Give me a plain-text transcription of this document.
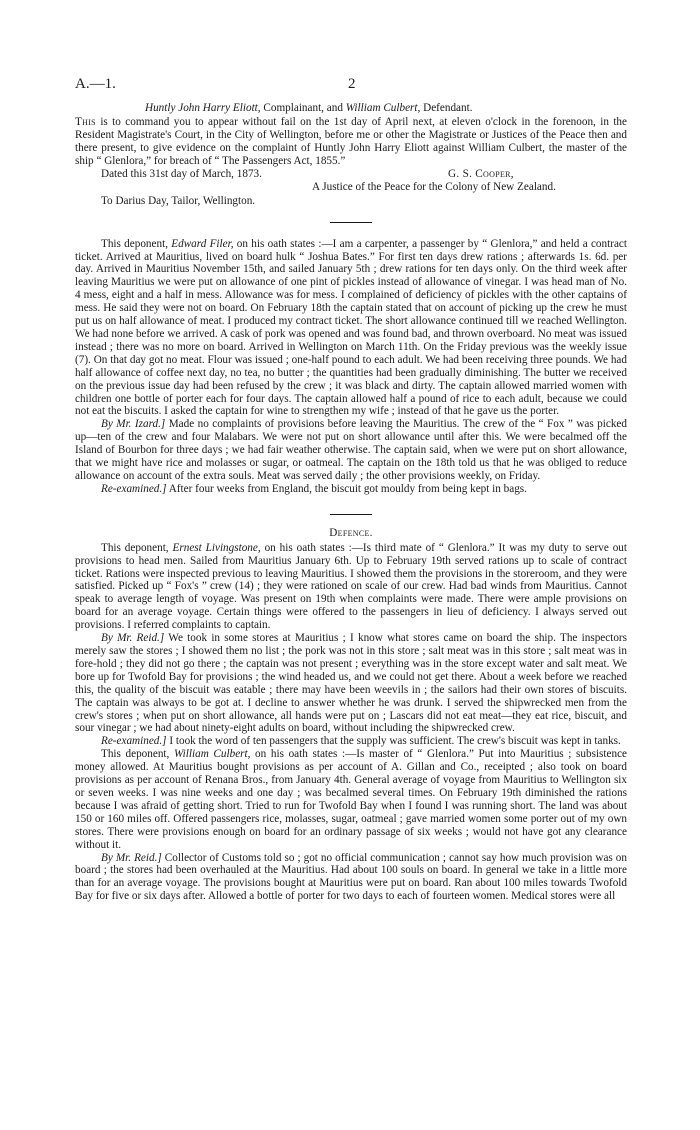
A.—1.	2
Huntly John Harry Eliott, Complainant, and William Culbert, Defendant.

This is to command you to appear without fail on the 1st day of April next, at eleven o'clock in the forenoon, in the Resident Magistrate's Court, in the City of Wellington, before me or other the Magistrate or Justices of the Peace then and there present, to give evidence on the complaint of Huntly John Harry Eliott against William Culbert, the master of the ship “ Glenlora,” for breach of “ The Passengers Act, 1855.”

Dated this 31st day of March, 1873.	G. S. Cooper,
A Justice of the Peace for the Colony of New Zealand.
To Darius Day, Tailor, Wellington.

This deponent, Edward Filer, on his oath states :—I am a carpenter, a passenger by “ Glenlora,” and held a contract ticket. Arrived at Mauritius, lived on board hulk “ Joshua Bates.” For first ten days drew rations ; afterwards 1s. 6d. per day. Arrived in Mauritius November 15th, and sailed January 5th ; drew rations for ten days only. On the third week after leaving Mauritius we were put on allowance of one pint of pickles instead of allowance of vinegar. I was head man of No. 4 mess, eight and a half in mess. Allowance was for mess. I complained of deficiency of pickles with the other captains of mess. He said they were not on board. On February 18th the captain stated that on account of picking up the crew he must put us on half allowance of meat. I produced my contract ticket. The short allowance continued till we reached Wellington. We had none before we arrived. A cask of pork was opened and was found bad, and thrown overboard. No meat was issued instead ; there was no more on board. Arrived in Wellington on March 11th. On the Friday previous was the weekly issue (7). On that day got no meat. Flour was issued ; one-half pound to each adult. We had been receiving three pounds. We had half allowance of coffee next day, no tea, no butter ; the quantities had been gradually diminishing. The butter we received on the previous issue day had been refused by the crew ; it was black and dirty. The captain allowed married women with children one bottle of porter each for four days. The captain allowed half a pound of rice to each adult, because we could not eat the biscuits. I asked the captain for wine to strengthen my wife ; instead of that he gave us the porter.

By Mr. Izard.] Made no complaints of provisions before leaving the Mauritius. The crew of the “ Fox ” was picked up—ten of the crew and four Malabars. We were not put on short allowance until after this. We were becalmed off the Island of Bourbon for three days ; we had fair weather otherwise. The captain said, when we were put on short allowance, that we might have rice and molasses or sugar, or oatmeal. The captain on the 18th told us that he was obliged to reduce allowance on account of the extra souls. Meat was served daily ; the other provisions weekly, on Friday.

Re-examined.] After four weeks from England, the biscuit got mouldy from being kept in bags.

Defence.

This deponent, Ernest Livingstone, on his oath states :—Is third mate of “ Glenlora.” It was my duty to serve out provisions to head men. Sailed from Mauritius January 6th. Up to February 19th served rations up to scale of contract ticket. Rations were inspected previous to leaving Mauritius. I showed them the provisions in the storeroom, and they were satisfied. Picked up “ Fox's ” crew (14) ; they were rationed on scale of our crew. Had bad winds from Mauritius. Cannot speak to average length of voyage. Was present on 19th when complaints were made. There were ample provisions on board for an average voyage. Certain things were offered to the passengers in lieu of deficiency. I always served out provisions. I referred complaints to captain.

By Mr. Reid.] We took in some stores at Mauritius ; I know what stores came on board the ship. The inspectors merely saw the stores ; I showed them no list ; the pork was not in this store ; salt meat was in this store ; salt meat was in fore-hold ; they did not go there ; the captain was not present ; everything was in the store except water and salt meat. We bore up for Twofold Bay for provisions ; the wind headed us, and we could not get there. About a week before we reached this, the quality of the biscuit was eatable ; there may have been weevils in ; the sailors had their own stores of biscuits. The captain was always to be got at. I decline to answer whether he was drunk. I served the shipwrecked men from the crew's stores ; when put on short allowance, all hands were put on ; Lascars did not eat meat—they eat rice, biscuit, and sour vinegar ; we had about ninety-eight adults on board, without including the shipwrecked crew.

Re-examined.] I took the word of ten passengers that the supply was sufficient. The crew's biscuit was kept in tanks.

This deponent, William Culbert, on his oath states :—Is master of “ Glenlora.” Put into Mauritius ; subsistence money allowed. At Mauritius bought provisions as per account of A. Gillan and Co., receipted ; also took on board provisions as per account of Renana Bros., from January 4th. General average of voyage from Mauritius to Wellington six or seven weeks. I was nine weeks and one day ; was becalmed several times. On February 19th diminished the rations because I was afraid of getting short. Tried to run for Twofold Bay when I found I was running short. The land was about 150 or 160 miles off. Offered passengers rice, molasses, sugar, oatmeal ; gave married women some porter out of my own stores. There were provisions enough on board for an ordinary passage of six weeks ; would not have got any clearance without it.

By Mr. Reid.] Collector of Customs told so ; got no official communication ; cannot say how much provision was on board ; the stores had been overhauled at the Mauritius. Had about 100 souls on board. In general we take in a little more than for an average voyage. The provisions bought at Mauritius were put on board. Ran about 100 miles towards Twofold Bay for five or six days after. Allowed a bottle of porter for two days to each of fourteen women. Medical stores were all
